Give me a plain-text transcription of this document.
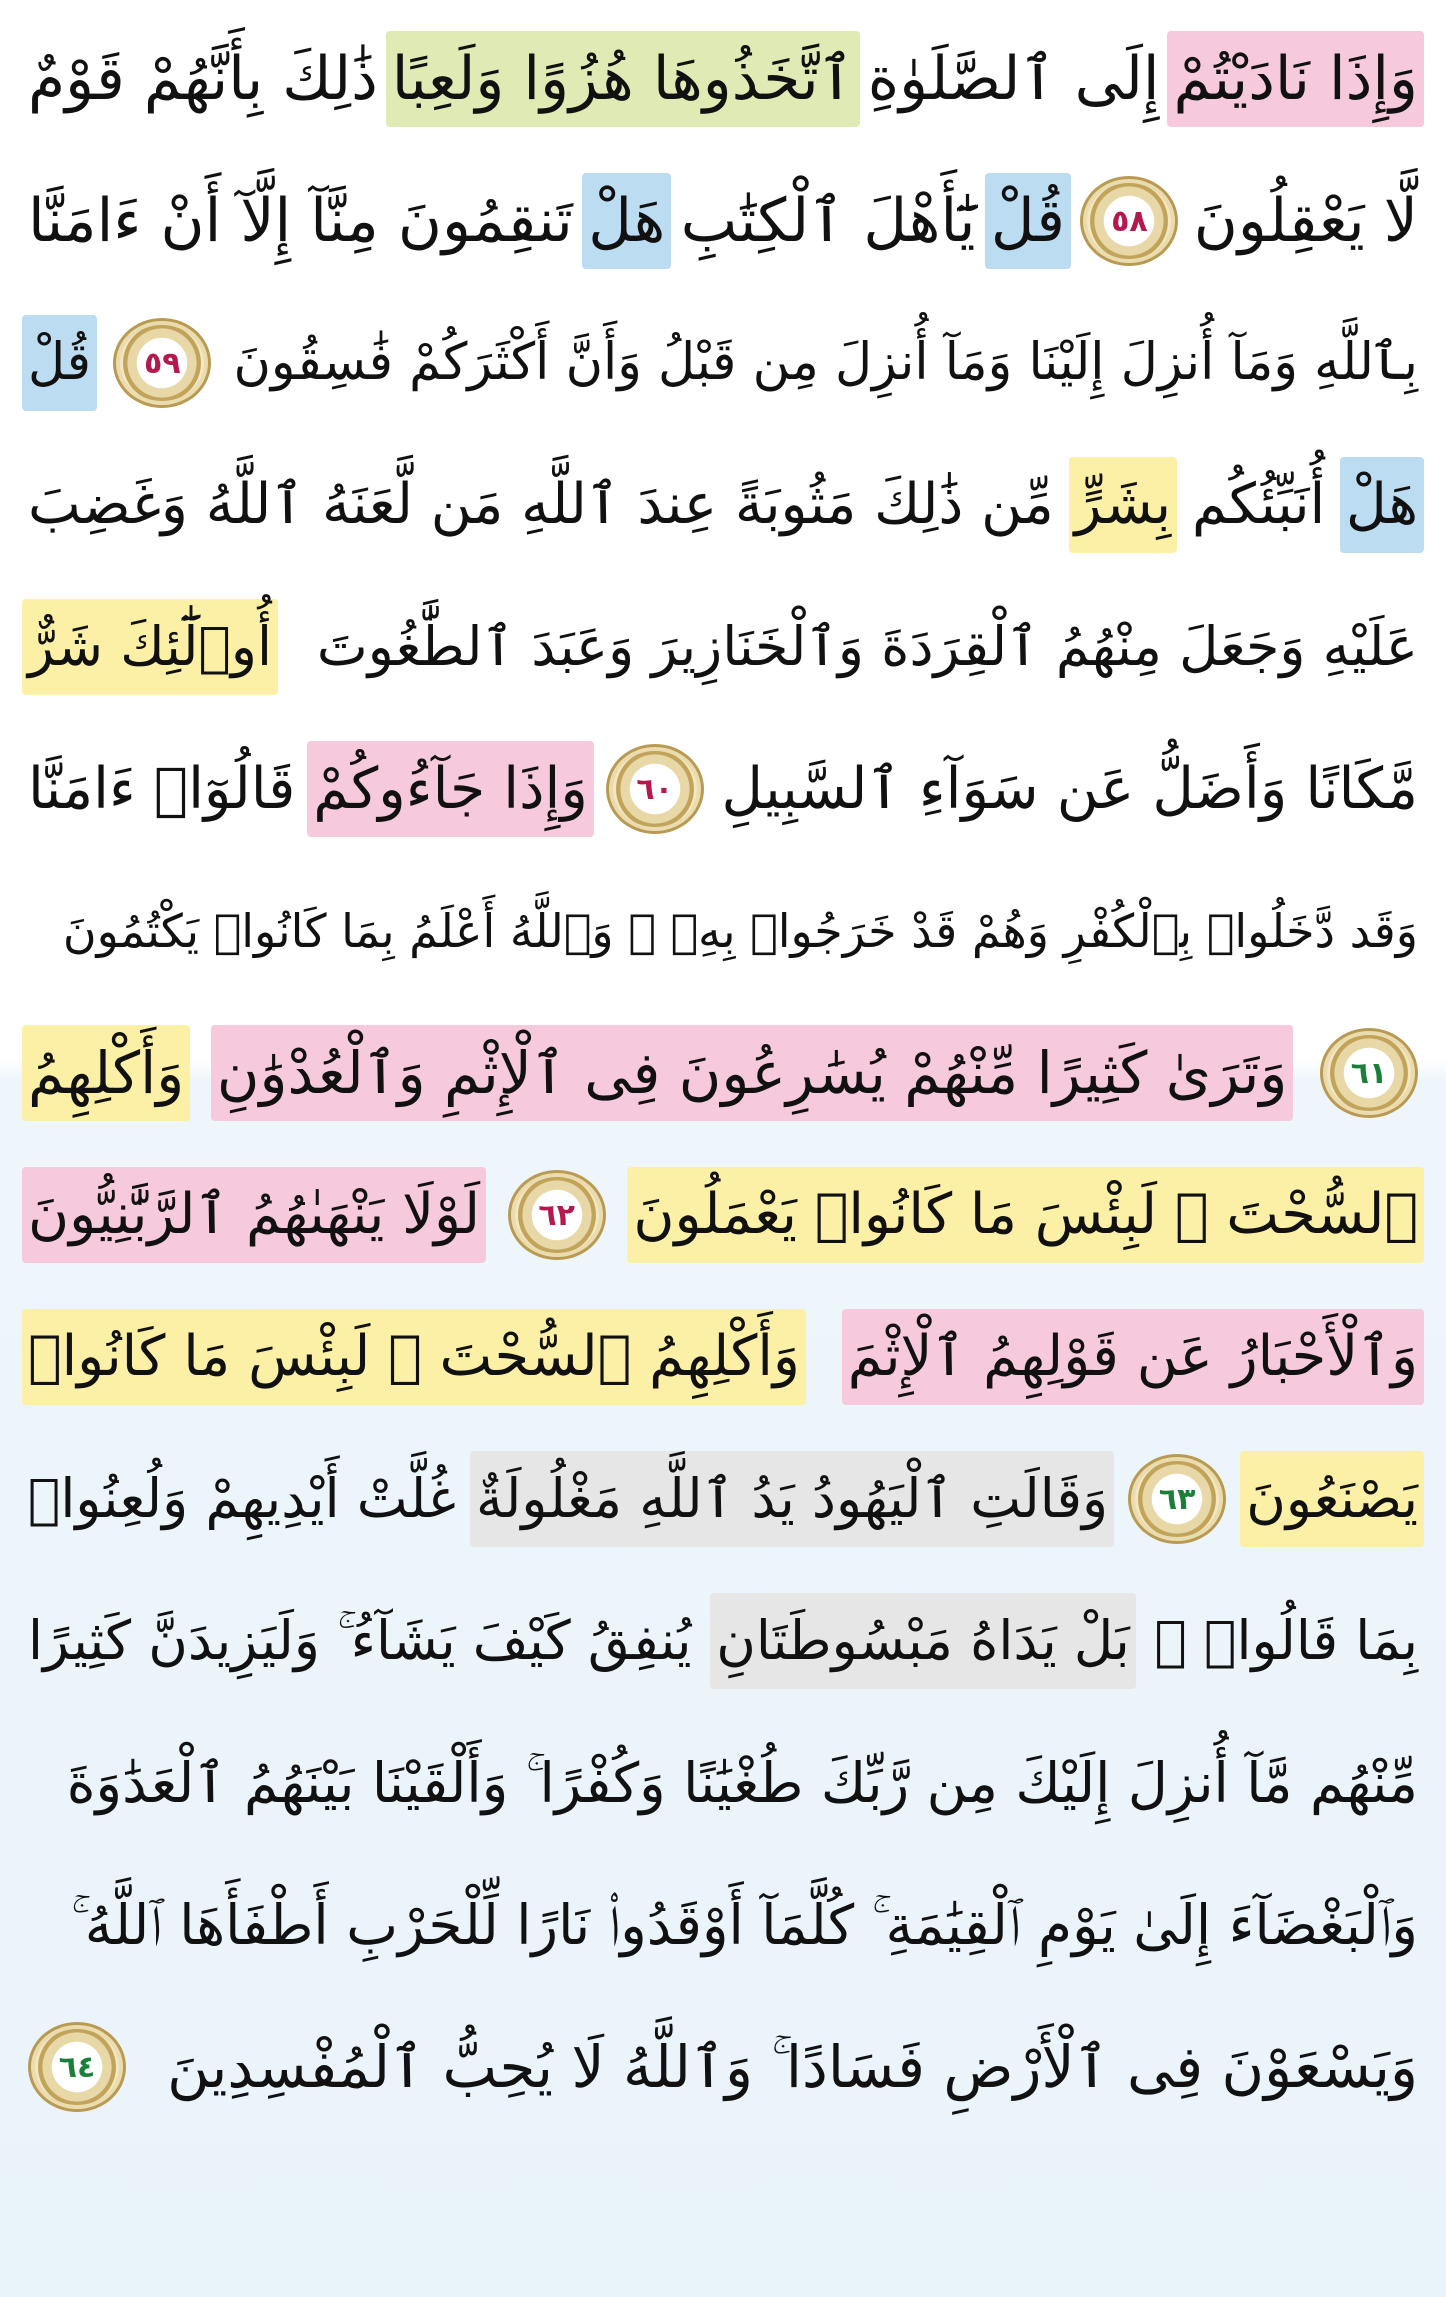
وَإِذَا نَادَيْتُمْ
إِلَى ٱلصَّلَوٰةِ
ٱتَّخَذُوهَا هُزُوًا وَلَعِبًا
ذَٰلِكَ بِأَنَّهُمْ قَوْمٌ
لَّا يَعْقِلُونَ
٥٨
قُلْ
يَٰٓأَهْلَ ٱلْكِتَٰبِ
هَلْ
تَنقِمُونَ مِنَّآ إِلَّآ أَنْ ءَامَنَّا
بِٱللَّهِ وَمَآ أُنزِلَ إِلَيْنَا وَمَآ أُنزِلَ مِن قَبْلُ وَأَنَّ أَكْثَرَكُمْ فَٰسِقُونَ
٥٩
قُلْ
هَلْ
أُنَبِّئُكُم
بِشَرٍّ
مِّن ذَٰلِكَ مَثُوبَةً عِندَ ٱللَّهِ مَن لَّعَنَهُ ٱللَّهُ وَغَضِبَ
عَلَيْهِ وَجَعَلَ مِنْهُمُ ٱلْقِرَدَةَ وَٱلْخَنَازِيرَ وَعَبَدَ ٱلطَّٰغُوتَ
أُو۟لَٰٓئِكَ شَرٌّ
مَّكَانًا وَأَضَلُّ عَن سَوَآءِ ٱلسَّبِيلِ
٦٠
وَإِذَا جَآءُوكُمْ
قَالُوٓا۟ ءَامَنَّا
وَقَد دَّخَلُوا۟ بِٱلْكُفْرِ وَهُمْ قَدْ خَرَجُوا۟ بِهِۦ ۚ وَٱللَّهُ أَعْلَمُ بِمَا كَانُوا۟ يَكْتُمُونَ
٦١
وَتَرَىٰ كَثِيرًا مِّنْهُمْ يُسَٰرِعُونَ فِى ٱلْإِثْمِ وَٱلْعُدْوَٰنِ
وَأَكْلِهِمُ
ٱلسُّحْتَ ۚ لَبِئْسَ مَا كَانُوا۟ يَعْمَلُونَ
٦٢
لَوْلَا يَنْهَىٰهُمُ ٱلرَّبَّٰنِيُّونَ
وَٱلْأَحْبَارُ عَن قَوْلِهِمُ ٱلْإِثْمَ
وَأَكْلِهِمُ ٱلسُّحْتَ ۚ لَبِئْسَ مَا كَانُوا۟
يَصْنَعُونَ
٦٣
وَقَالَتِ ٱلْيَهُودُ يَدُ ٱللَّهِ مَغْلُولَةٌ
غُلَّتْ أَيْدِيهِمْ وَلُعِنُوا۟
بِمَا قَالُوا۟ ۘ
بَلْ يَدَاهُ مَبْسُوطَتَانِ
يُنفِقُ كَيْفَ يَشَآءُ ۚ وَلَيَزِيدَنَّ كَثِيرًا
مِّنْهُم مَّآ أُنزِلَ إِلَيْكَ مِن رَّبِّكَ طُغْيَٰنًا وَكُفْرًا ۚ وَأَلْقَيْنَا بَيْنَهُمُ ٱلْعَدَٰوَةَ
وَٱلْبَغْضَآءَ إِلَىٰ يَوْمِ ٱلْقِيَٰمَةِ ۚ كُلَّمَآ أَوْقَدُوا۟ نَارًا لِّلْحَرْبِ أَطْفَأَهَا ٱللَّهُ ۚ
وَيَسْعَوْنَ فِى ٱلْأَرْضِ فَسَادًا ۚ وَٱللَّهُ لَا يُحِبُّ ٱلْمُفْسِدِينَ
٦٤
